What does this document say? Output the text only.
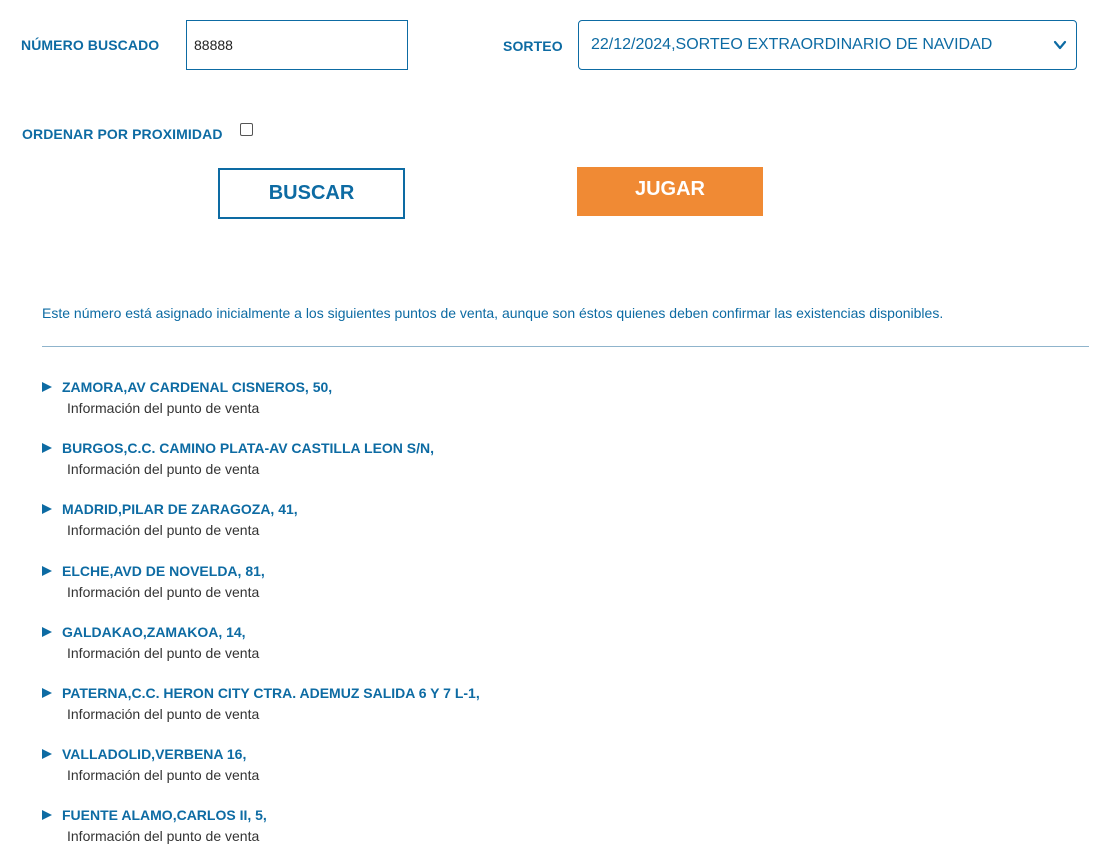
NÚMERO BUSCADO
88888	SORTEO 22/12/2024,SORTEO EXTRAORDINARIO DE NAVIDAD
ORDENAR POR PROXIMIDAD
BUSCAR	JUGAR
Este número está asignado inicialmente a los siguientes puntos de venta, aunque son éstos quienes deben confirmar las existencias disponibles.
ZAMORA,AV CARDENAL CISNEROS, 50,
Información del punto de venta
BURGOS,C.C. CAMINO PLATA-AV CASTILLA LEON S/N,
Información del punto de venta
MADRID,PILAR DE ZARAGOZA, 41,
Información del punto de venta
ELCHE,AVD DE NOVELDA, 81,
Información del punto de venta
GALDAKAO,ZAMAKOA, 14,
Información del punto de venta
PATERNA,C.C. HERON CITY CTRA. ADEMUZ SALIDA 6 Y 7 L-1,
Información del punto de venta
VALLADOLID,VERBENA 16,
Información del punto de venta
FUENTE ALAMO,CARLOS II, 5,
Información del punto de venta
